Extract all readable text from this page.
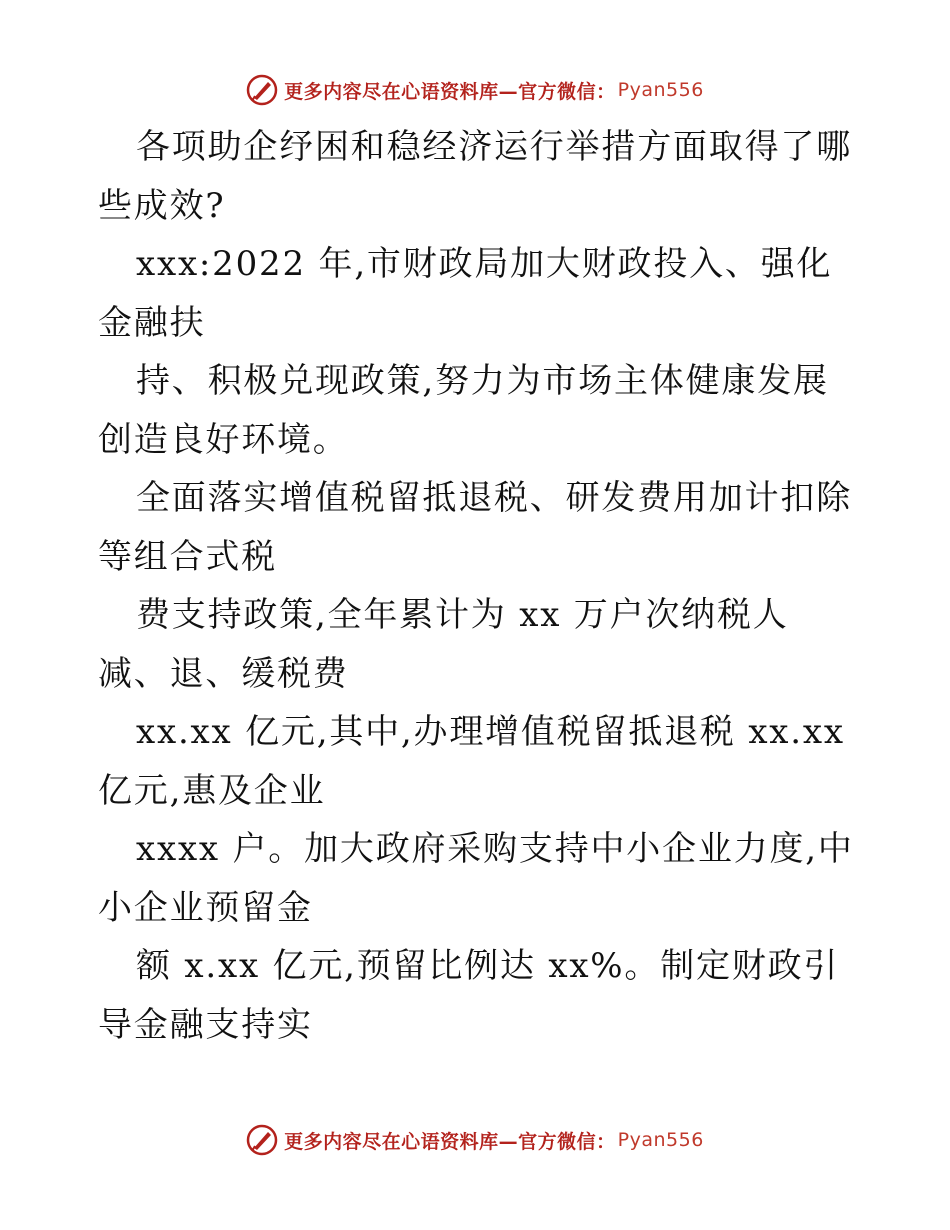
更多内容尽在心语资料库—官方微信： Pyan556

各项助企纾困和稳经济运行举措方面取得了哪些成效?

xxx:2022 年,市财政局加大财政投入、强化金融扶

持、积极兑现政策,努力为市场主体健康发展创造良好环境。

全面落实增值税留抵退税、研发费用加计扣除等组合式税

费支持政策,全年累计为 xx 万户次纳税人减、退、缓税费

xx.xx 亿元,其中,办理增值税留抵退税 xx.xx 亿元,惠及企业

xxxx 户。加大政府采购支持中小企业力度,中小企业预留金

额 x.xx 亿元,预留比例达 xx%。制定财政引导金融支持实

更多内容尽在心语资料库—官方微信： Pyan556
